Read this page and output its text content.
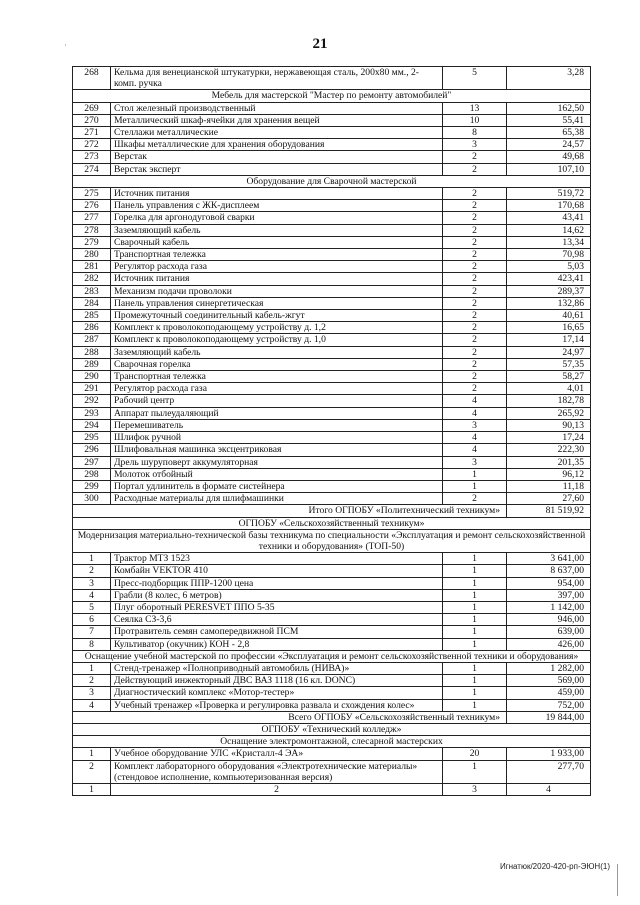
21
·
268	Кельма для венецианской штукатурки, нержавеющая сталь, 200х80 мм., 2-комп. ручка	5	3,28
Мебель для мастерской "Мастер по ремонту автомобилей"			
269	Стол железный производственный	13	162,50
270	Металлический шкаф-ячейки для хранения вещей	10	55,41
271	Стеллажи металлические	8	65,38
272	Шкафы металлические для хранения оборудования	3	24,57
273	Верстак	2	49,68
274	Верстак эксперт	2	107,10
Оборудование для Сварочной мастерской			
275	Источник питания	2	519,72
276	Панель управления с ЖК-дисплеем	2	170,68
277	Горелка для аргонодуговой сварки	2	43,41
278	Заземляющий кабель	2	14,62
279	Сварочный кабель	2	13,34
280	Транспортная тележка	2	70,98
281	Регулятор расхода газа	2	5,03
282	Источник питания	2	423,41
283	Механизм подачи проволоки	2	289,37
284	Панель управления синергетическая	2	132,86
285	Промежуточный соединительный кабель-жгут	2	40,61
286	Комплект к проволокоподающему устройству д. 1,2	2	16,65
287	Комплект к проволокоподающему устройству д. 1,0	2	17,14
288	Заземляющий кабель	2	24,97
289	Сварочная горелка	2	57,35
290	Транспортная тележка	2	58,27
291	Регулятор расхода газа	2	4,01
292	Рабочий центр	4	182,78
293	Аппарат пылеудаляющий	4	265,92
294	Перемешиватель	3	90,13
295	Шлифок ручной	4	17,24
296	Шлифовальная машинка эксцентриковая	4	222,30
297	Дрель шуруповерт аккумуляторная	3	201,35
298	Молоток отбойный	1	96,12
299	Портал удлинитель в формате систейнера	1	11,18
300	Расходные материалы для шлифмашинки	2	27,60
Итого ОГПОБУ «Политехнический техникум»			81 519,92
ОГПОБУ «Сельскохозяйственный техникум»			
Модернизация материально-технической базы техникума по специальности «Эксплуатация и ремонт сельскохозяйственной техники и оборудования» (ТОП-50)			
1	Трактор МТЗ 1523	1	3 641,00
2	Комбайн VEKTOR 410	1	8 637,00
3	Пресс-подборщик ППР-1200 цена	1	954,00
4	Грабли (8 колес, 6 метров)	1	397,00
5	Плуг оборотный PERESVET ППО 5-35	1	1 142,00
6	Сеялка СЗ-3,6	1	946,00
7	Протравитель семян самопередвижной ПСМ	1	639,00
8	Культиватор (окучник) КОН - 2,8	1	426,00
Оснащение учебной мастерской по профессии «Эксплуатация и ремонт сельскохозяйственной техники и оборудования»			
1	Стенд-тренажер «Полноприводный автомобиль (НИВА)»	1	1 282,00
2	Действующий инжекторный ДВС ВАЗ 1118 (16 кл. DONC)	1	569,00
3	Диагностический комплекс «Мотор-тестер»	1	459,00
4	Учебный тренажер «Проверка и регулировка развала и схождения колес»	1	752,00
Всего ОГПОБУ «Сельскохозяйственный техникум»			19 844,00
ОГПОБУ «Технический колледж»			
Оснащение электромонтажной, слесарной мастерских			
1	Учебное оборудование УЛС «Кристалл-4 ЭА»	20	1 933,00
2	Комплект лабораторного оборудования «Электротехнические материалы» (стендовое исполнение, компьютеризованная версия)	1	277,70
1	2	3	4
Игнатюк/2020-420-рп-ЭЮН(1)
